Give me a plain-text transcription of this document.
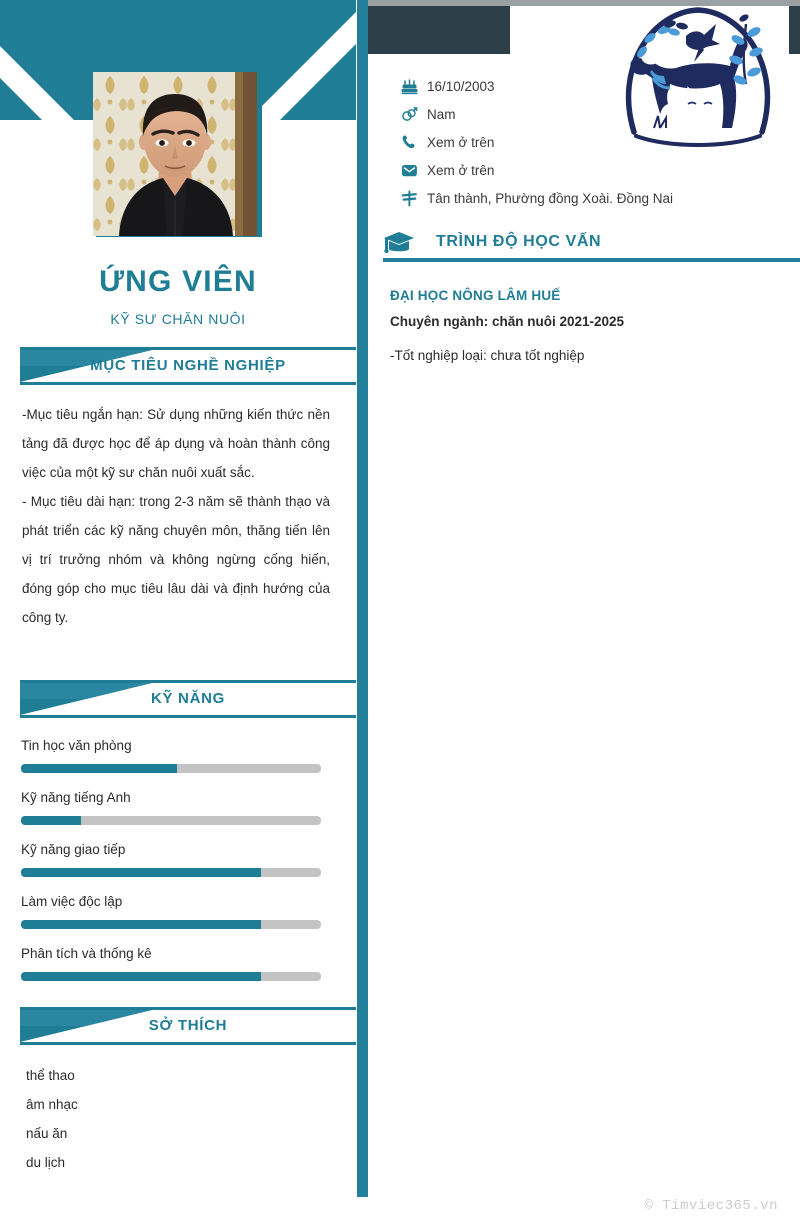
ỨNG VIÊN
KỸ SƯ CHĂN NUÔI
MỤC TIÊU NGHỀ NGHIỆP

-Mục tiêu ngắn hạn: Sử dụng những kiến thức nền tảng đã được học để áp dụng và hoàn thành công việc của một kỹ sư chăn nuôi xuất sắc.

- Mục tiêu dài hạn: trong 2-3 năm sẽ thành thạo và phát triển các kỹ năng chuyên môn, thăng tiến lên vị trí trưởng nhóm và không ngừng cống hiến, đóng góp cho mục tiêu lâu dài và định hướng của công ty.

KỸ NĂNG
Tin học văn phòng
Kỹ năng tiếng Anh
Kỹ năng giao tiếp
Làm việc độc lập
Phân tích và thống kê
SỞ THÍCH
thể thao
âm nhạc
nấu ăn
du lịch
16/10/2003
Nam
Xem ở trên
Xem ở trên
Tân thành, Phường đồng Xoài. Đồng Nai
TRÌNH ĐỘ HỌC VẤN
ĐẠI HỌC NÔNG LÂM HUẾ
Chuyên ngành: chăn nuôi 2021-2025
-Tốt nghiệp loại: chưa tốt nghiệp
© Timviec365.vn
